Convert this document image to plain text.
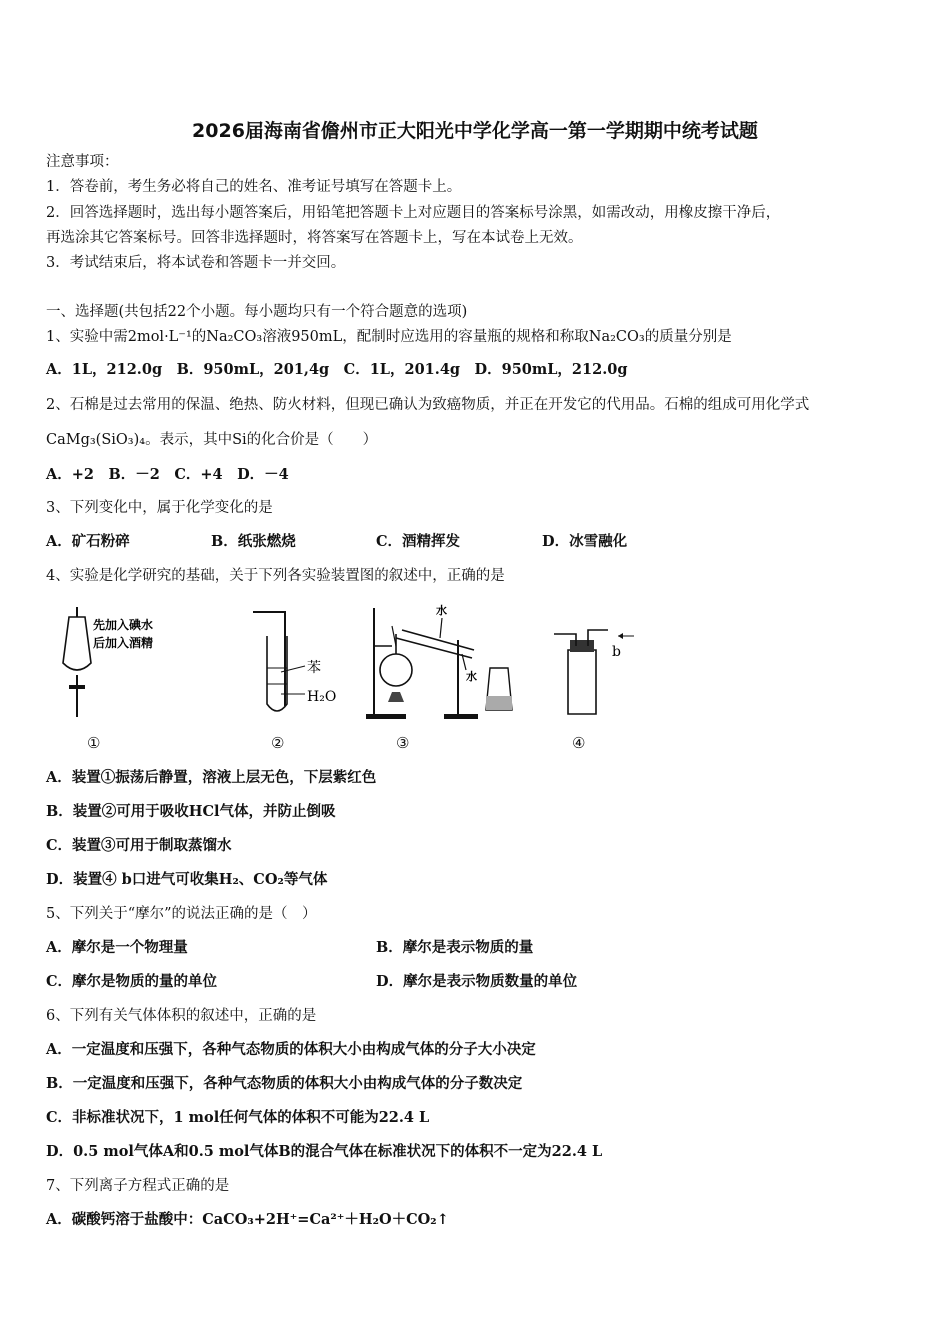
2026届海南省儋州市正大阳光中学化学高一第一学期期中统考试题
注意事项：
1．答卷前，考生务必将自己的姓名、准考证号填写在答题卡上。
2．回答选择题时，选出每小题答案后，用铅笔把答题卡上对应题目的答案标号涂黑，如需改动，用橡皮擦干净后，
再选涂其它答案标号。回答非选择题时，将答案写在答题卡上，写在本试卷上无效。
3．考试结束后，将本试卷和答题卡一并交回。
一、选择题(共包括22个小题。每小题均只有一个符合题意的选项)
1、实验中需2mol·L⁻¹的Na₂CO₃溶液950mL，配制时应选用的容量瓶的规格和称取Na₂CO₃的质量分别是
A．1L，212.0g　B．950mL，201,4g　C．1L，201.4g　D．950mL，212.0g
2、石棉是过去常用的保温、绝热、防火材料，但现已确认为致癌物质，并正在开发它的代用品。石棉的组成可用化学式
CaMg₃(SiO₃)₄。表示，其中Si的化合价是（　　）
A．+2　B．－2　C．+4　D．－4
3、下列变化中，属于化学变化的是
A．矿石粉碎	B．纸张燃烧	C．酒精挥发	D．冰雪融化
4、实验是化学研究的基础，关于下列各实验装置图的叙述中，正确的是
先加入碘水
后加入酒精
苯
H₂O
水
水
b
①	②	③	④
A．装置①振荡后静置，溶液上层无色，下层紫红色
B．装置②可用于吸收HCl气体，并防止倒吸
C．装置③可用于制取蒸馏水
D．装置④ b口进气可收集H₂、CO₂等气体
5、下列关于“摩尔”的说法正确的是（　）
A．摩尔是一个物理量	B．摩尔是表示物质的量
C．摩尔是物质的量的单位	D．摩尔是表示物质数量的单位
6、下列有关气体体积的叙述中，正确的是
A．一定温度和压强下，各种气态物质的体积大小由构成气体的分子大小决定
B．一定温度和压强下，各种气态物质的体积大小由构成气体的分子数决定
C．非标准状况下，1 mol任何气体的体积不可能为22.4 L
D．0.5 mol气体A和0.5 mol气体B的混合气体在标准状况下的体积不一定为22.4 L
7、下列离子方程式正确的是
A．碳酸钙溶于盐酸中：CaCO₃+2H⁺=Ca²⁺＋H₂O＋CO₂↑
